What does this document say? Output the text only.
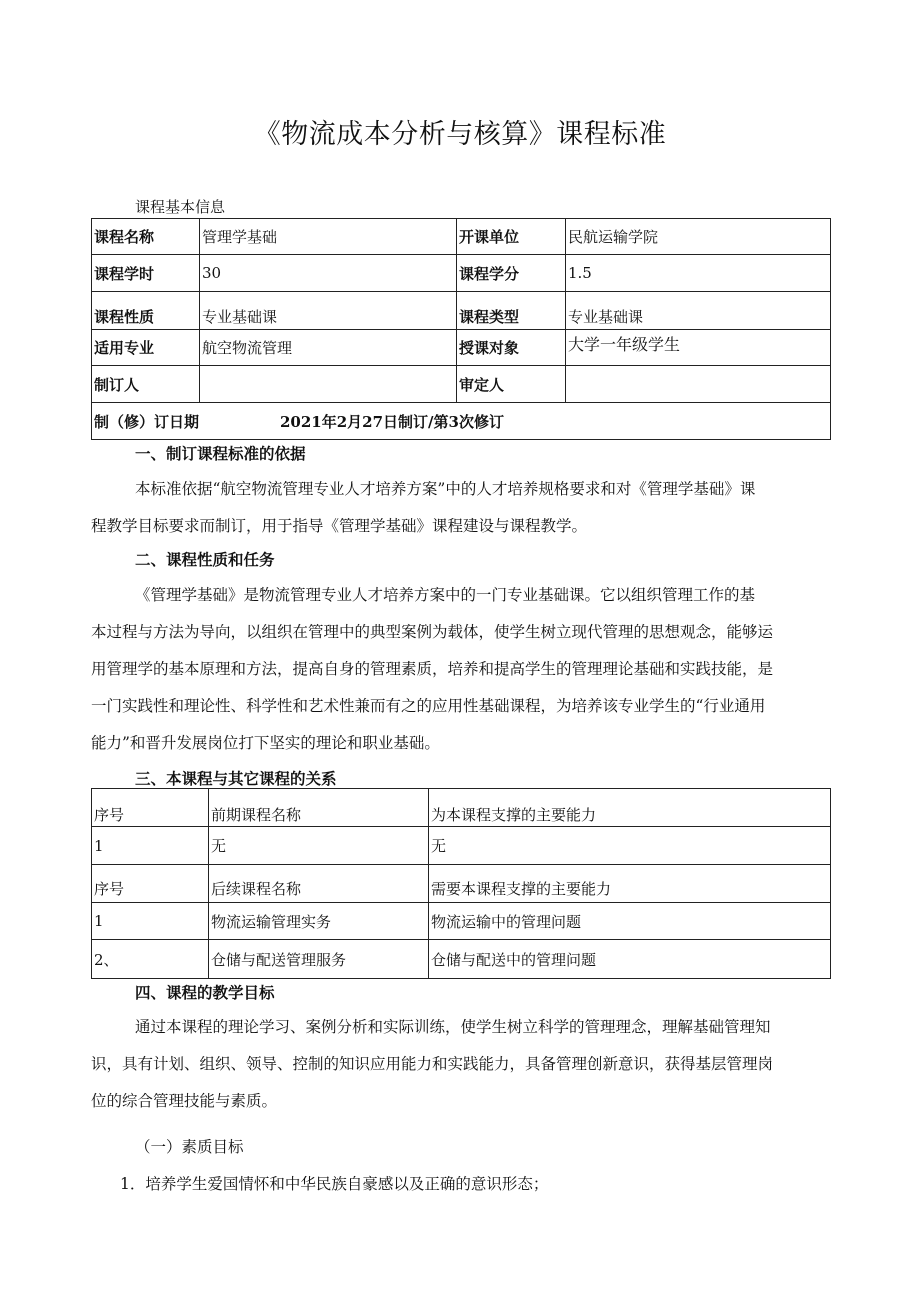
《物流成本分析与核算》课程标准
课程基本信息
课程名称	管理学基础	开课单位	民航运输学院
课程学时	30	课程学分	1.5
课程性质	专业基础课	课程类型	专业基础课
适用专业	航空物流管理	授课对象	大学一年级学生
制订人		审定人	
制（修）订日期 2021年2月27日制订/第3次修订			
一、制订课程标准的依据
本标准依据“航空物流管理专业人才培养方案”中的人才培养规格要求和对《管理学基础》课
程教学目标要求而制订，用于指导《管理学基础》课程建设与课程教学。
二、课程性质和任务
《管理学基础》是物流管理专业人才培养方案中的一门专业基础课。它以组织管理工作的基
本过程与方法为导向，以组织在管理中的典型案例为载体，使学生树立现代管理的思想观念，能够运
用管理学的基本原理和方法，提高自身的管理素质，培养和提高学生的管理理论基础和实践技能，是
一门实践性和理论性、科学性和艺术性兼而有之的应用性基础课程，为培养该专业学生的“行业通用
能力”和晋升发展岗位打下坚实的理论和职业基础。
三、本课程与其它课程的关系
序号	前期课程名称	为本课程支撑的主要能力
1	无	无
序号	后续课程名称	需要本课程支撑的主要能力
1	物流运输管理实务	物流运输中的管理问题
2、	仓储与配送管理服务	仓储与配送中的管理问题
四、课程的教学目标
通过本课程的理论学习、案例分析和实际训练，使学生树立科学的管理理念，理解基础管理知
识，具有计划、组织、领导、控制的知识应用能力和实践能力，具备管理创新意识，获得基层管理岗
位的综合管理技能与素质。
（一）素质目标
1．培养学生爱国情怀和中华民族自豪感以及正确的意识形态；
